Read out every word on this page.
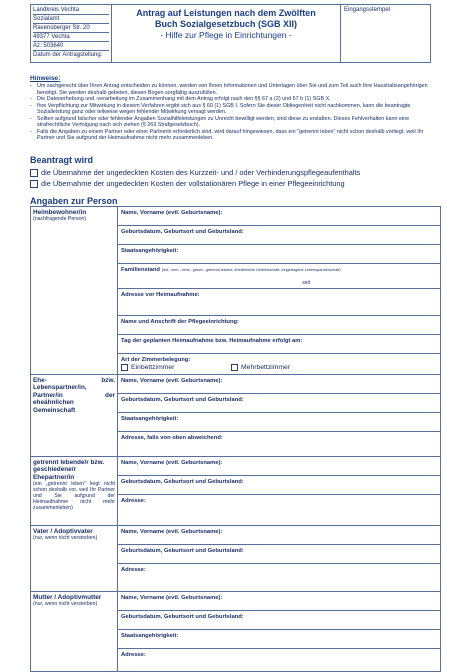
Landkreis Vechta
Sozialamt
Ravensberger Str. 20
49377 Vechta
Az: 503640
Datum der Antragstellung:
Antrag auf Leistungen nach dem Zwölften
Buch Sozialgesetzbuch (SGB XII)
- Hilfe zur Pflege in Einrichtungen -
Eingangsstempel
Hinweise:
- Um sachgerecht über Ihren Antrag entscheiden zu können, werden von Ihnen Informationen und Unterlagen über Sie und zum Teil auch Ihre Haushaltsangehörigen benötigt. Sie werden deshalb gebeten, diesen Bogen sorgfältig auszufüllen.
- Die Datenerhebung und -verarbeitung im Zusammenhang mit dem Antrag erfolgt nach den §§ 67 a (2) und 67 b (1) SGB X.
- Ihre Verpflichtung zur Mitwirkung in diesem Verfahren ergibt sich aus § 60 (1) SGB I. Sofern Sie dieser Obliegenheit nicht nachkommen, kann die beantragte Sozialleistung ganz oder teilweise wegen fehlender Mitwirkung versagt werden.
- Sollten aufgrund falscher oder fehlender Angaben Sozialhilfeleistungen zu Unrecht bewilligt werden, sind diese zu erstatten. Dieses Fehlverhalten kann eine strafrechtliche Verfolgung nach sich ziehen (§ 263 Strafgesetzbuch).
- Falls die Angaben zu einem Partner oder einer Partnerin erforderlich sind, wird darauf hingewiesen, dass ein "getrennt leben" nicht schon deshalb vorliegt, weil Ihr Partner und Sie aufgrund der Heimaufnahme nicht mehr zusammenleben.
Beantragt wird
die Übernahme der ungedeckten Kosten des Kurzzeit- und / oder Verhinderungspflegeaufenthalts
die Übernahme der ungedeckten Kosten der vollstationären Pflege in einer Pflegeeinrichtung
Angaben zur Person
Heimbewohner/in
(nachfragende Person)
Name, Vorname (evtl. Geburtsname):
Geburtsdatum, Geburtsort und Geburtsland:
Staatsangehörigkeit:
Familienstand (led., verh., verw., gesch., getrennt lebend, eheähnliche Gemeinschaft, eingetragene Lebenspartnerschaft)
seit
Adresse vor Heimaufnahme:
Name und Anschrift der Pflegeeinrichtung:
Tag der geplanten Heimaufnahme bzw. Heimaufnahme erfolgt am:
Art der Zimmerbelegung:
Einbettzimmer	Mehrbettzimmer
Ehe- bzw. Lebenspartner/in, Partner/in der eheähnlichen Gemeinschaft
Name, Vorname (evtl. Geburtsname):
Geburtsdatum, Geburtsort und Geburtsland:
Staatsangehörigkeit:
Adresse, falls von oben abweichend:
getrennt lebende/r bzw. geschiedene/r Ehepartner/in
(ein „getrennt leben" liegt nicht schon deshalb vor, weil Ihr Partner und Sie aufgrund der Heimaufnahme nicht mehr zusammenleben)
Name, Vorname (evtl. Geburtsname):
Geburtsdatum, Geburtsort und Geburtsland:
Adresse:
Vater / Adoptivvater
(nur, wenn nicht verstorben)
Name, Vorname (evtl. Geburtsname):
Geburtsdatum, Geburtsort und Geburtsland:
Adresse:
Mutter / Adoptivmutter
(nur, wenn nicht verstorben)
Name, Vorname (evtl. Geburtsname):
Geburtsdatum, Geburtsort und Geburtsland:
Staatsangehörigkeit:
Adresse:
